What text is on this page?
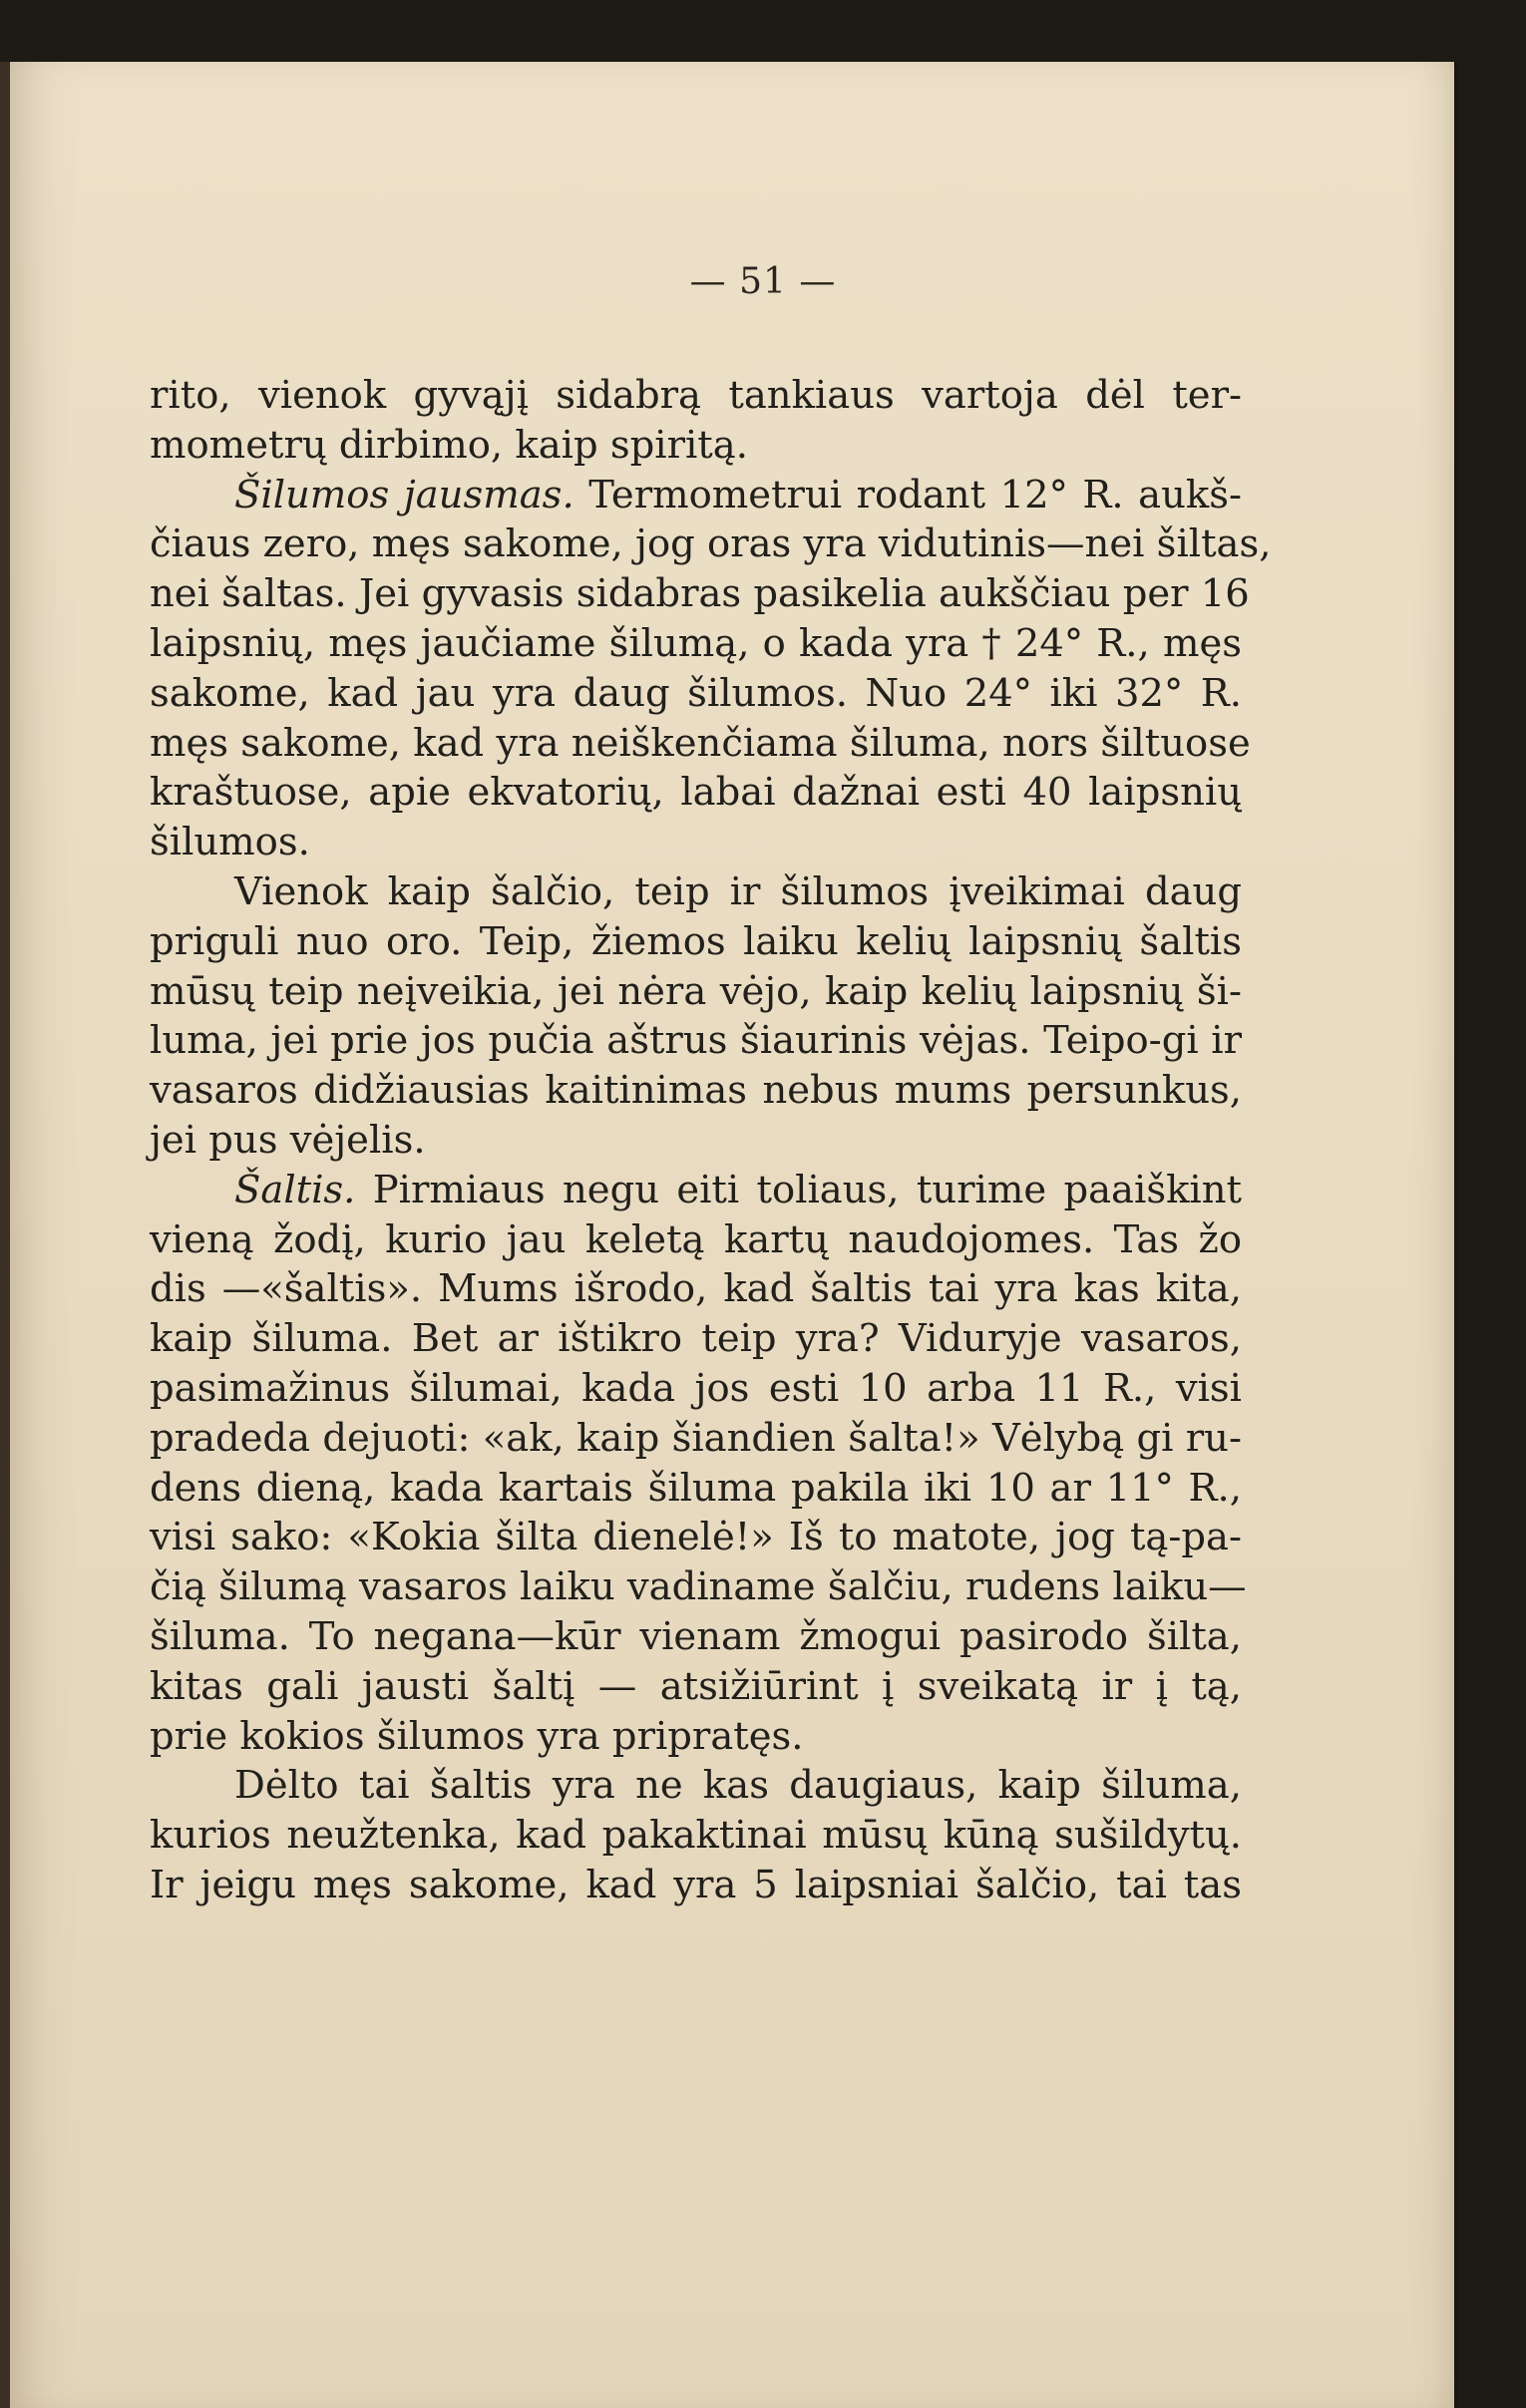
— 51 —
rito, vienok gyvąjį sidabrą tankiaus vartoja dėl ter-
mometrų dirbimo, kaip spiritą.
Šilumos jausmas. Termometrui rodant 12° R. aukš-
čiaus zero, męs sakome, jog oras yra vidutinis—nei šiltas,
nei šaltas. Jei gyvasis sidabras pasikelia aukščiau per 16
laipsnių, męs jaučiame šilumą, o kada yra † 24° R., męs
sakome, kad jau yra daug šilumos. Nuo 24° iki 32° R.
męs sakome, kad yra neiškenčiama šiluma, nors šiltuose
kraštuose, apie ekvatorių, labai dažnai esti 40 laipsnių
šilumos.
Vienok kaip šalčio, teip ir šilumos įveikimai daug
priguli nuo oro. Teip, žiemos laiku kelių laipsnių šaltis
mūsų teip neįveikia, jei nėra vėjo, kaip kelių laipsnių ši-
luma, jei prie jos pučia aštrus šiaurinis vėjas. Teipo-gi ir
vasaros didžiausias kaitinimas nebus mums persunkus,
jei pus vėjelis.
Šaltis. Pirmiaus negu eiti toliaus, turime paaiškint
vieną žodį, kurio jau keletą kartų naudojomes. Tas žo
dis —«šaltis». Mums išrodo, kad šaltis tai yra kas kita,
kaip šiluma. Bet ar ištikro teip yra? Viduryje vasaros,
pasimažinus šilumai, kada jos esti 10 arba 11 R., visi
pradeda dejuoti: «ak, kaip šiandien šalta!» Vėlybą gi ru-
dens dieną, kada kartais šiluma pakila iki 10 ar 11° R.,
visi sako: «Kokia šilta dienelė!» Iš to matote, jog tą-pa-
čią šilumą vasaros laiku vadiname šalčiu, rudens laiku—
šiluma. To negana—kūr vienam žmogui pasirodo šilta,
kitas gali jausti šaltį — atsižiūrint į sveikatą ir į tą,
prie kokios šilumos yra pripratęs.
Dėlto tai šaltis yra ne kas daugiaus, kaip šiluma,
kurios neužtenka, kad pakaktinai mūsų kūną sušildytų.
Ir jeigu męs sakome, kad yra 5 laipsniai šalčio, tai tas
